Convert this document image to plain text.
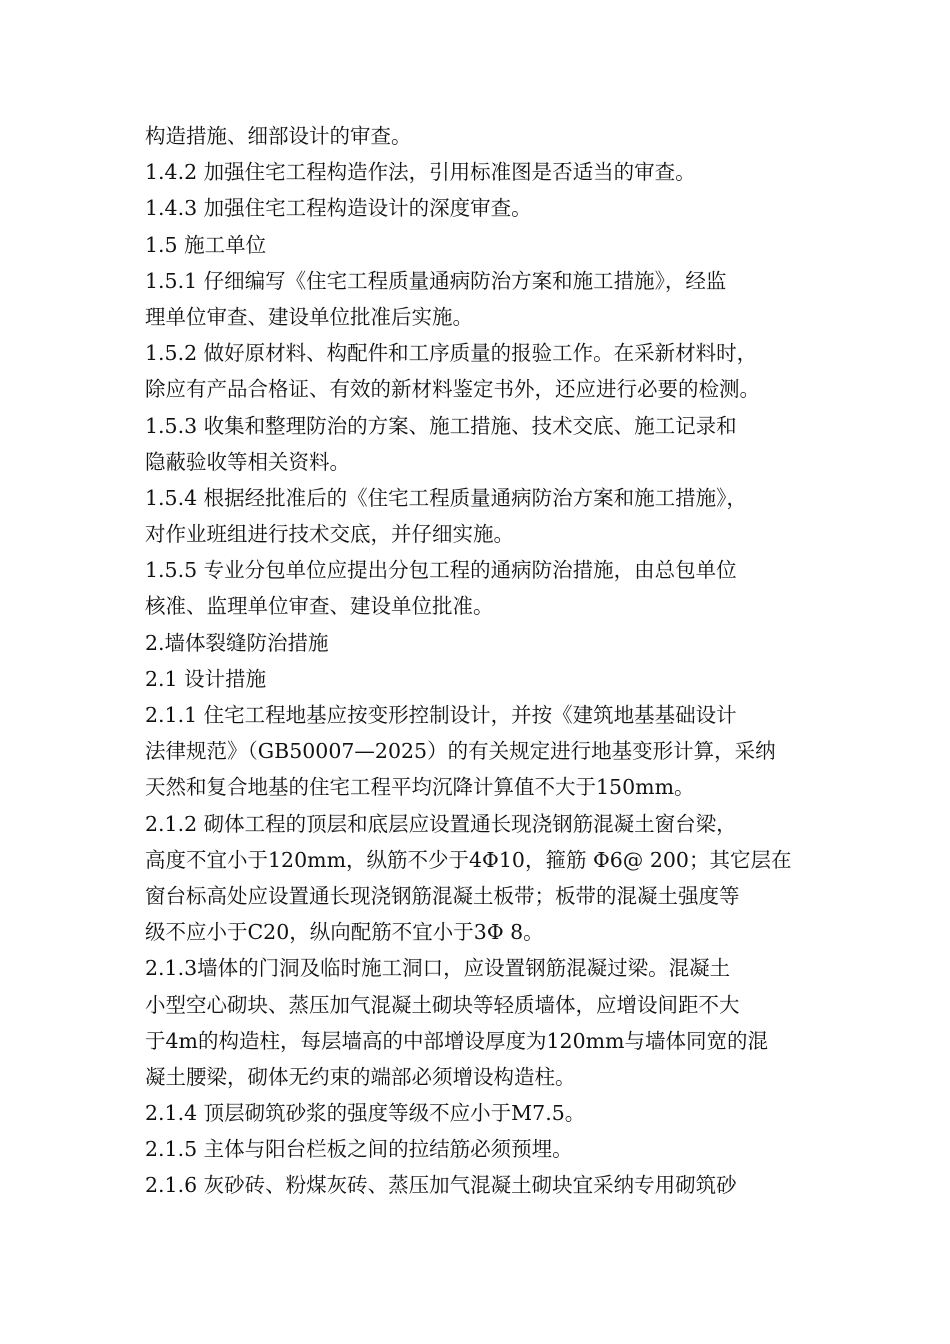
构造措施、细部设计的审查。
1.4.2 加强住宅工程构造作法，引用标准图是否适当的审查。
1.4.3 加强住宅工程构造设计的深度审查。
1.5 施工单位
1.5.1 仔细编写《住宅工程质量通病防治方案和施工措施》，经监
理单位审查、建设单位批准后实施。
1.5.2 做好原材料、构配件和工序质量的报验工作。在采新材料时，
除应有产品合格证、有效的新材料鉴定书外，还应进行必要的检测。
1.5.3 收集和整理防治的方案、施工措施、技术交底、施工记录和
隐蔽验收等相关资料。
1.5.4 根据经批准后的《住宅工程质量通病防治方案和施工措施》，
对作业班组进行技术交底，并仔细实施。
1.5.5 专业分包单位应提出分包工程的通病防治措施，由总包单位
核准、监理单位审查、建设单位批准。
2.墙体裂缝防治措施
2.1 设计措施
2.1.1 住宅工程地基应按变形控制设计，并按《建筑地基基础设计
法律规范》（GB50007—2025）的有关规定进行地基变形计算，采纳
天然和复合地基的住宅工程平均沉降计算值不大于150mm。
2.1.2 砌体工程的顶层和底层应设置通长现浇钢筋混凝土窗台梁，
高度不宜小于120mm，纵筋不少于4Φ10，箍筋 Φ6@ 200；其它层在
窗台标高处应设置通长现浇钢筋混凝土板带；板带的混凝土强度等
级不应小于C20，纵向配筋不宜小于3Φ 8。
2.1.3墙体的门洞及临时施工洞口，应设置钢筋混凝过梁。混凝土
小型空心砌块、蒸压加气混凝土砌块等轻质墙体，应增设间距不大
于4m的构造柱，每层墙高的中部增设厚度为120mm与墙体同宽的混
凝土腰梁，砌体无约束的端部必须增设构造柱。
2.1.4 顶层砌筑砂浆的强度等级不应小于M7.5。
2.1.5 主体与阳台栏板之间的拉结筋必须预埋。
2.1.6 灰砂砖、粉煤灰砖、蒸压加气混凝土砌块宜采纳专用砌筑砂
